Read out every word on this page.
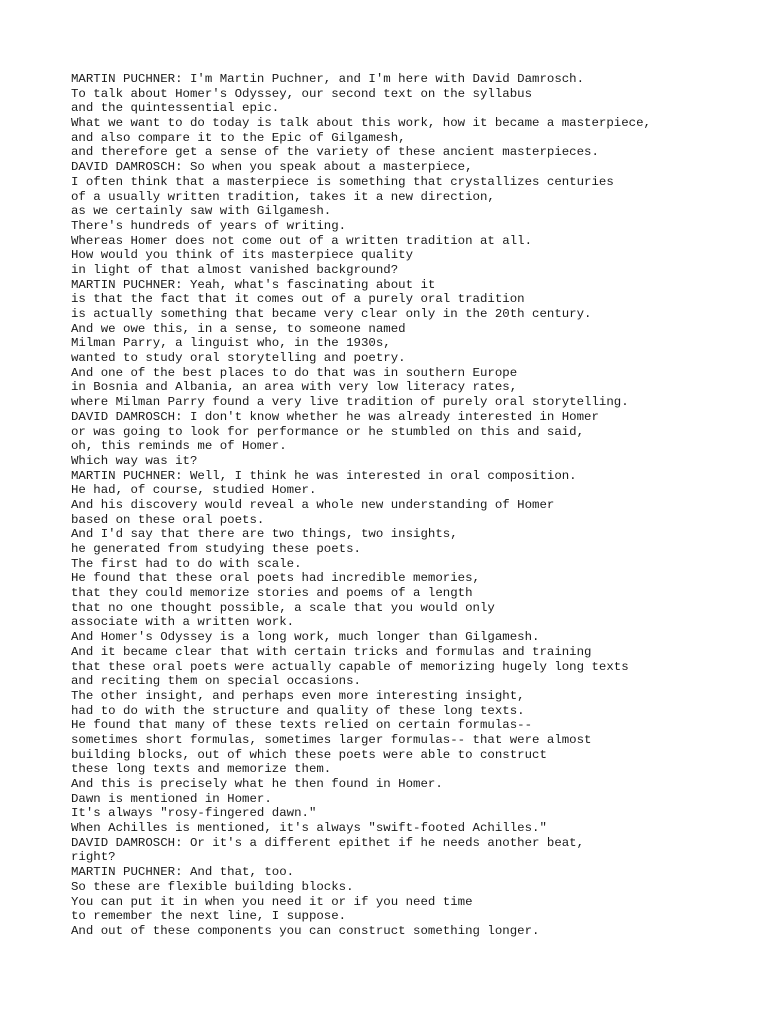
MARTIN PUCHNER: I'm Martin Puchner, and I'm here with David Damrosch.
To talk about Homer's Odyssey, our second text on the syllabus
and the quintessential epic.
What we want to do today is talk about this work, how it became a masterpiece,
and also compare it to the Epic of Gilgamesh,
and therefore get a sense of the variety of these ancient masterpieces.
DAVID DAMROSCH: So when you speak about a masterpiece,
I often think that a masterpiece is something that crystallizes centuries
of a usually written tradition, takes it a new direction,
as we certainly saw with Gilgamesh.
There's hundreds of years of writing.
Whereas Homer does not come out of a written tradition at all.
How would you think of its masterpiece quality
in light of that almost vanished background?
MARTIN PUCHNER: Yeah, what's fascinating about it
is that the fact that it comes out of a purely oral tradition
is actually something that became very clear only in the 20th century.
And we owe this, in a sense, to someone named
Milman Parry, a linguist who, in the 1930s,
wanted to study oral storytelling and poetry.
And one of the best places to do that was in southern Europe
in Bosnia and Albania, an area with very low literacy rates,
where Milman Parry found a very live tradition of purely oral storytelling.
DAVID DAMROSCH: I don't know whether he was already interested in Homer
or was going to look for performance or he stumbled on this and said,
oh, this reminds me of Homer.
Which way was it?
MARTIN PUCHNER: Well, I think he was interested in oral composition.
He had, of course, studied Homer.
And his discovery would reveal a whole new understanding of Homer
based on these oral poets.
And I'd say that there are two things, two insights,
he generated from studying these poets.
The first had to do with scale.
He found that these oral poets had incredible memories,
that they could memorize stories and poems of a length
that no one thought possible, a scale that you would only
associate with a written work.
And Homer's Odyssey is a long work, much longer than Gilgamesh.
And it became clear that with certain tricks and formulas and training
that these oral poets were actually capable of memorizing hugely long texts
and reciting them on special occasions.
The other insight, and perhaps even more interesting insight,
had to do with the structure and quality of these long texts.
He found that many of these texts relied on certain formulas--
sometimes short formulas, sometimes larger formulas-- that were almost
building blocks, out of which these poets were able to construct
these long texts and memorize them.
And this is precisely what he then found in Homer.
Dawn is mentioned in Homer.
It's always "rosy-fingered dawn."
When Achilles is mentioned, it's always "swift-footed Achilles."
DAVID DAMROSCH: Or it's a different epithet if he needs another beat,
right?
MARTIN PUCHNER: And that, too.
So these are flexible building blocks.
You can put it in when you need it or if you need time
to remember the next line, I suppose.
And out of these components you can construct something longer.
